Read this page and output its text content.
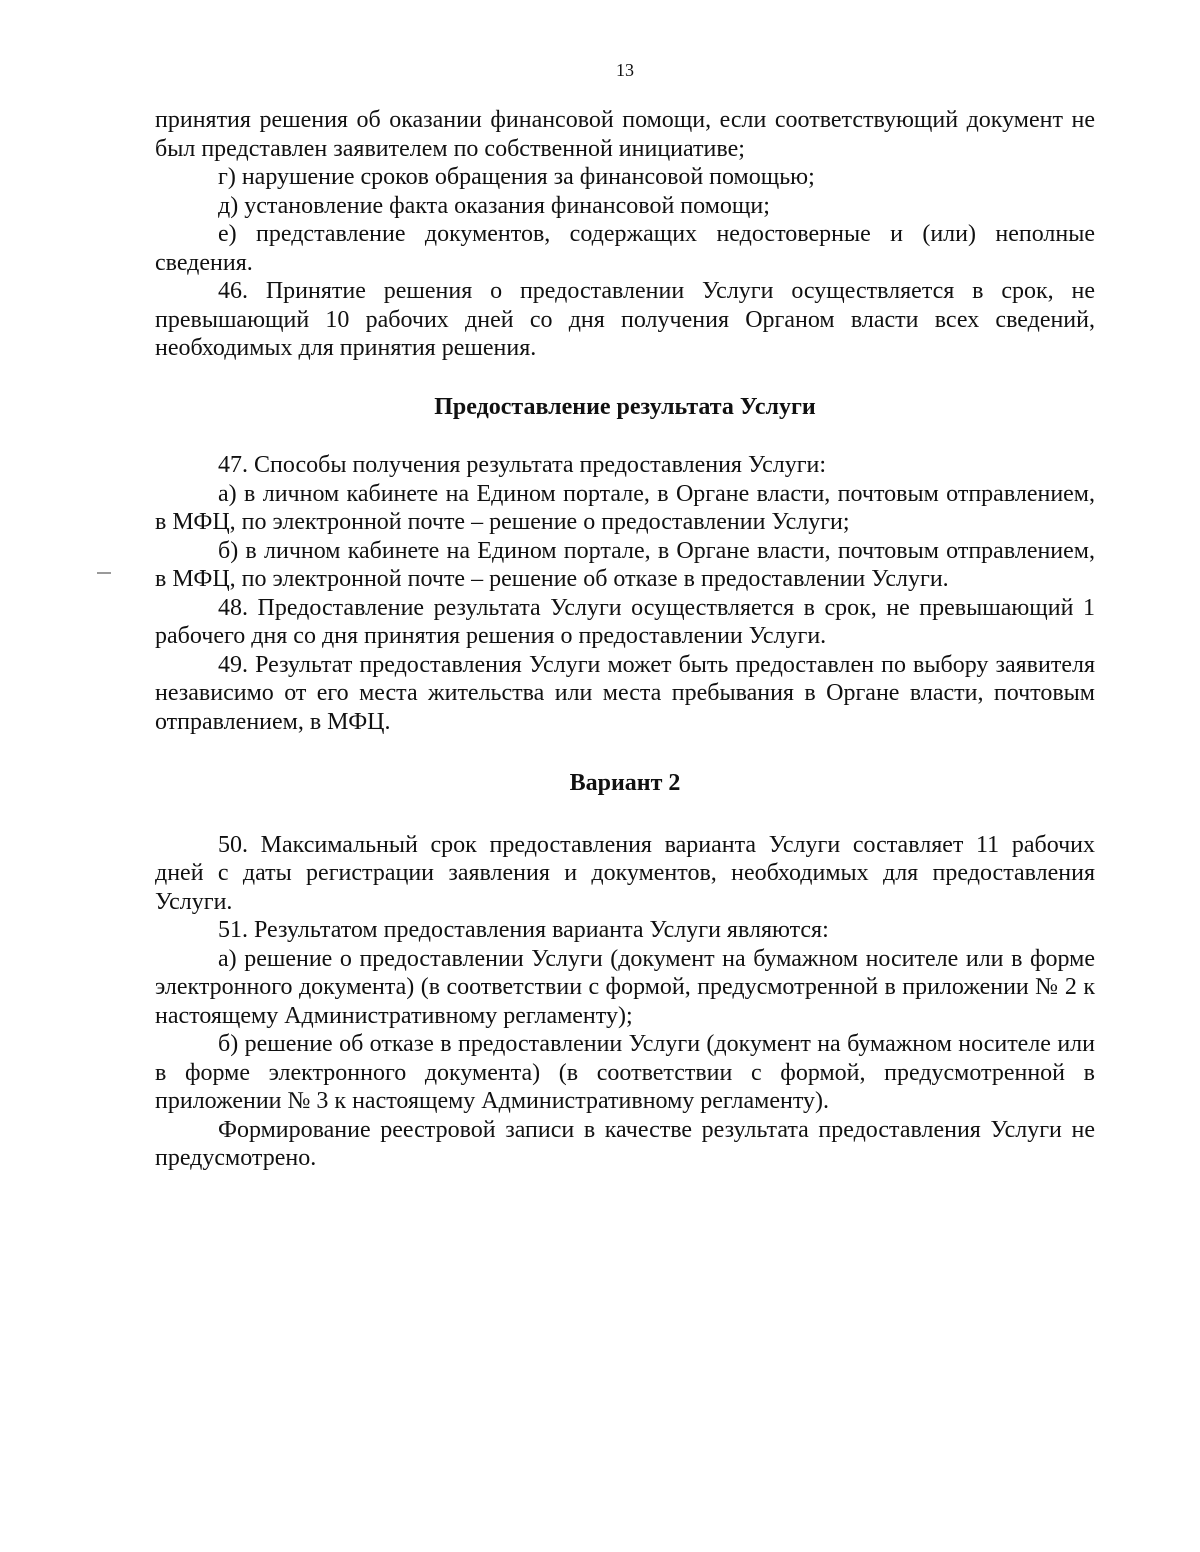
13

принятия решения об оказании финансовой помощи, если соответствующий документ не был представлен заявителем по собственной инициативе;

г) нарушение сроков обращения за финансовой помощью;

д) установление факта оказания финансовой помощи;

е) представление документов, содержащих недостоверные и (или) неполные сведения.

46. Принятие решения о предоставлении Услуги осуществляется в срок, не превышающий 10 рабочих дней со дня получения Органом власти всех сведений, необходимых для принятия решения.

Предоставление результата Услуги

47. Способы получения результата предоставления Услуги:

а) в личном кабинете на Едином портале, в Органе власти, почтовым отправлением, в МФЦ, по электронной почте – решение о предоставлении Услуги;

б) в личном кабинете на Едином портале, в Органе власти, почтовым отправлением, в МФЦ, по электронной почте – решение об отказе в предоставлении Услуги.

48. Предоставление результата Услуги осуществляется в срок, не превышающий 1 рабочего дня со дня принятия решения о предоставлении Услуги.

49. Результат предоставления Услуги может быть предоставлен по выбору заявителя независимо от его места жительства или места пребывания в Органе власти, почтовым отправлением, в МФЦ.

Вариант 2

50. Максимальный срок предоставления варианта Услуги составляет 11 рабочих дней с даты регистрации заявления и документов, необходимых для предоставления Услуги.

51. Результатом предоставления варианта Услуги являются:

а) решение о предоставлении Услуги (документ на бумажном носителе или в форме электронного документа) (в соответствии с формой, предусмотренной в приложении № 2 к настоящему Административному регламенту);

б) решение об отказе в предоставлении Услуги (документ на бумажном носителе или в форме электронного документа) (в соответствии с формой, предусмотренной в приложении № 3 к настоящему Административному регламенту).

Формирование реестровой записи в качестве результата предоставления Услуги не предусмотрено.
